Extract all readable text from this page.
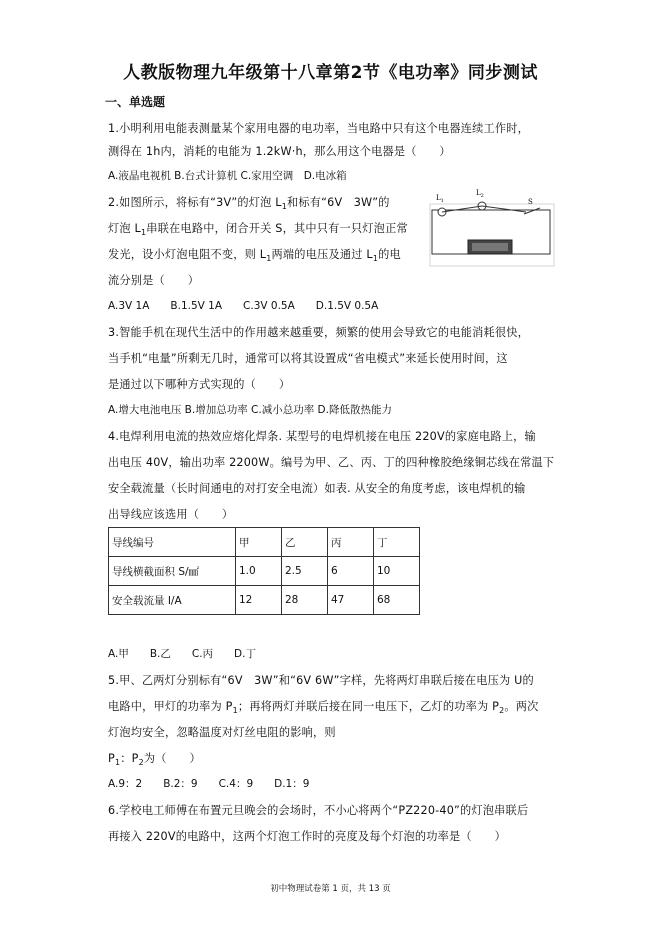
人教版物理九年级第十八章第2节《电功率》同步测试
一、单选题
1.小明利用电能表测量某个家用电器的电功率，当电路中只有这个电器连续工作时，
测得在 1h内，消耗的电能为 1.2kW·h，那么用这个电器是（　　）
A.液晶电视机 B.台式计算机 C.家用空调　D.电冰箱
2.如图所示，将标有“3V”的灯泡 $L_1$和标有“6V　3W”的
灯泡 $L_1$串联在电路中，闭合开关 S，其中只有一只灯泡正常
发光，设小灯泡电阻不变，则 $L_1$两端的电压及通过 $L_1$的电
流分别是（　　）
A.3V 1A　　B.1.5V 1A　　C.3V 0.5A　　D.1.5V 0.5A
$L_1$
$L_2$
S
3.智能手机在现代生活中的作用越来越重要，频繁的使用会导致它的电能消耗很快，
当手机“电量”所剩无几时，通常可以将其设置成“省电模式”来延长使用时间，这
是通过以下哪种方式实现的（　　）
A.增大电池电压 B.增加总功率 C.减小总功率 D.降低散热能力
4.电焊利用电流的热效应熔化焊条. 某型号的电焊机接在电压 220V的家庭电路上，输
出电压 40V，输出功率 2200W。编号为甲、乙、丙、丁的四种橡胶绝缘铜芯线在常温下
安全载流量（长时间通电的对打安全电流）如表. 从安全的角度考虑，该电焊机的输
出导线应该选用（　　）
导线编号	甲	乙	丙	丁
导线横截面积 S/㎟	1.0	2.5	6	10
安全载流量 I/A	12	28	47	68
A.甲　　B.乙　　C.丙　　D.丁
5.甲、乙两灯分别标有“6V　3W”和“6V 6W”字样，先将两灯串联后接在电压为 U的
电路中，甲灯的功率为 $P_1$；再将两灯并联后接在同一电压下，乙灯的功率为 $P_2$。两次
灯泡均安全，忽略温度对灯丝电阻的影响，则
$P_1$：$P_2$为（　　）
A.9：2　　B.2：9　　C.4：9　　D.1：9
6.学校电工师傅在布置元旦晚会的会场时，不小心将两个“PZ220-40”的灯泡串联后
再接入 220V的电路中，这两个灯泡工作时的亮度及每个灯泡的功率是（　　）
初中物理试卷第 1 页，共 13 页
